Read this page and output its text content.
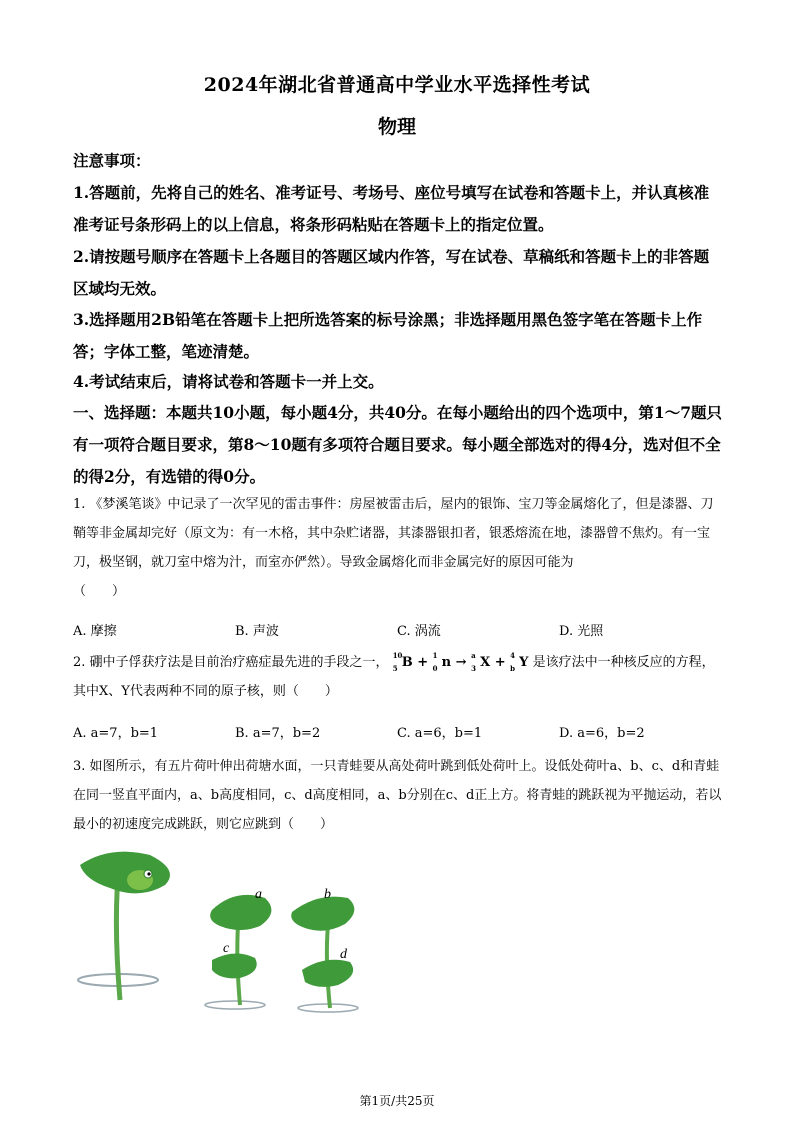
2024年湖北省普通高中学业水平选择性考试
物理
注意事项：
1.答题前，先将自己的姓名、准考证号、考场号、座位号填写在试卷和答题卡上，并认真核准准考证号条形码上的以上信息，将条形码粘贴在答题卡上的指定位置。
2.请按题号顺序在答题卡上各题目的答题区域内作答，写在试卷、草稿纸和答题卡上的非答题区域均无效。
3.选择题用2B铅笔在答题卡上把所选答案的标号涂黑；非选择题用黑色签字笔在答题卡上作答；字体工整，笔迹清楚。
4.考试结束后，请将试卷和答题卡一并上交。
一、选择题：本题共10小题，每小题4分，共40分。在每小题给出的四个选项中，第1～7题只有一项符合题目要求，第8～10题有多项符合题目要求。每小题全部选对的得4分，选对但不全的得2分，有选错的得0分。
1. 《梦溪笔谈》中记录了一次罕见的雷击事件：房屋被雷击后，屋内的银饰、宝刀等金属熔化了，但是漆器、刀鞘等非金属却完好（原文为：有一木格，其中杂贮诸器，其漆器银扣者，银悉熔流在地，漆器曾不焦灼。有一宝刀，极坚钢，就刀室中熔为汁，而室亦俨然）。导致金属熔化而非金属完好的原因可能为
（　　）
A. 摩擦	B. 声波	C. 涡流	D. 光照
2. 硼中子俘获疗法是目前治疗癌症最先进的手段之一， 10
5 B + 1
0 n → a
3 X + 4
b Y 是该疗法中一种核反应的方程，其中X、Y代表两种不同的原子核，则（　　）
A. a=7，b=1	B. a=7，b=2	C. a=6，b=1	D. a=6，b=2
3. 如图所示，有五片荷叶伸出荷塘水面，一只青蛙要从高处荷叶跳到低处荷叶上。设低处荷叶a、b、c、d和青蛙在同一竖直平面内，a、b高度相同，c、d高度相同，a、b分别在c、d正上方。将青蛙的跳跃视为平抛运动，若以最小的初速度完成跳跃，则它应跳到（　　）
a	b
c	d
第1页/共25页
